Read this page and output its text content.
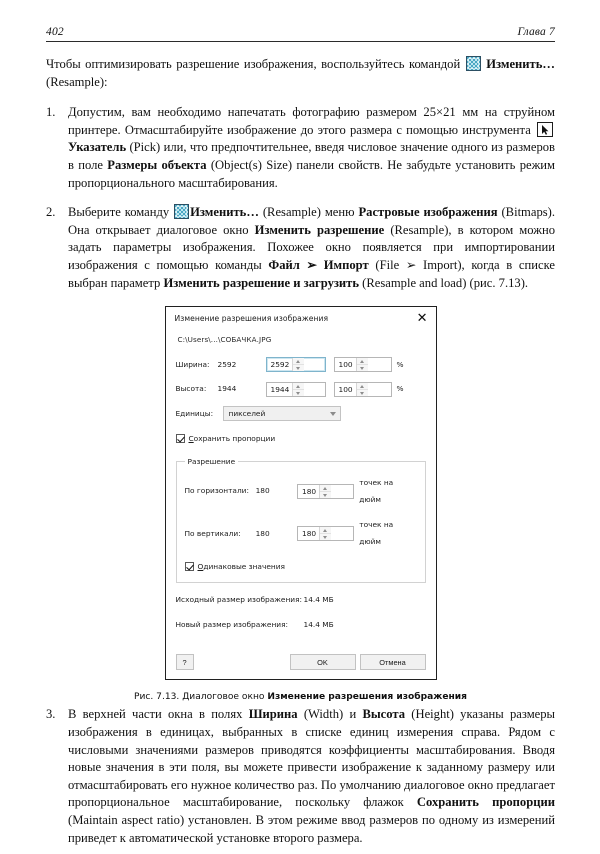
402	Глава 7

Чтобы оптимизировать разрешение изображения, воспользуйтесь командой  Изменить… (Resample):

1. Допустим, вам необходимо напечатать фотографию размером 25×21 мм на струйном принтере. Отмасштабируйте изображение до этого размера с помощью инструмента
Указатель (Pick) или, что предпочтительнее, введя числовое значение одного из размеров в поле Размеры объекта (Object(s) Size) панели свойств. Не забудьте установить режим пропорционального масштабирования.
2. Выберите команду Изменить… (Resample) меню Растровые изображения (Bitmaps). Она открывает диалоговое окно Изменить разрешение (Resample), в котором можно задать параметры изображения. Похожее окно появляется при импортировании изображения с помощью команды Файл ➢ Импорт (File ➢ Import), когда в списке выбран параметр Изменить разрешение и загрузить (Resample and load) (рис. 7.13).
Изменение разрешения изображения	✕
C:\Users\...\СОБАЧКА.JPG
Ширина:	2592	2592	100	%
Высота:	1944	1944	100	%
Единицы:	пикселей
Сохранить пропорции
Разрешение
По горизонтали: 180	180
точек на дюйм
По вертикали:	180	180
точек на дюйм
Одинаковые значения
Исходный размер изображения: 14.4 МБ
Новый размер изображения:	14.4 МБ
?	OK	Отмена
Рис. 7.13. Диалоговое окно Изменение разрешения изображения
3. В верхней части окна в полях Ширина (Width) и Высота (Height) указаны размеры изображения в единицах, выбранных в списке единиц измерения справа. Рядом с числовыми значениями размеров приводятся коэффициенты масштабирования. Вводя новые значения в эти поля, вы можете привести изображение к заданному размеру или отмасштабировать его нужное количество раз. По умолчанию диалоговое окно предлагает пропорциональное масштабирование, поскольку флажок Сохранить пропорции (Maintain aspect ratio) установлен. В этом режиме ввод размеров по одному из измерений приведет к автоматической установке второго размера.
